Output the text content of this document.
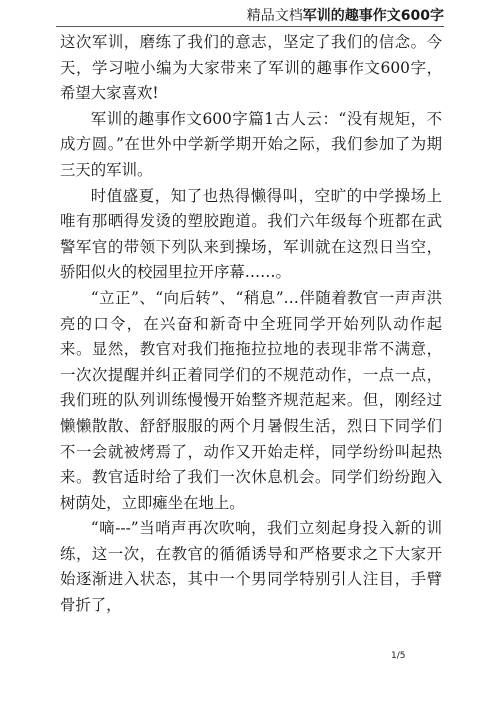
精品文档军训的趣事作文600字

这次军训，磨练了我们的意志，坚定了我们的信念。今天，学习啦小编为大家带来了军训的趣事作文600字，希望大家喜欢!

军训的趣事作文600字篇1古人云：“没有规矩，不成方圆。”在世外中学新学期开始之际，我们参加了为期三天的军训。

时值盛夏，知了也热得懒得叫，空旷的中学操场上唯有那晒得发烫的塑胶跑道。我们六年级每个班都在武警军官的带领下列队来到操场，军训就在这烈日当空，骄阳似火的校园里拉开序幕……。

“立正”、“向后转”、“稍息”…伴随着教官一声声洪亮的口令，在兴奋和新奇中全班同学开始列队动作起来。显然，教官对我们拖拖拉拉地的表现非常不满意，一次次提醒并纠正着同学们的不规范动作，一点一点，我们班的队列训练慢慢开始整齐规范起来。但，刚经过懒懒散散、舒舒服服的两个月暑假生活，烈日下同学们不一会就被烤焉了，动作又开始走样，同学纷纷叫起热来。教官适时给了我们一次休息机会。同学们纷纷跑入树荫处，立即瘫坐在地上。

“嘀---”当哨声再次吹响，我们立刻起身投入新的训练，这一次，在教官的循循诱导和严格要求之下大家开始逐渐进入状态，其中一个男同学特别引人注目，手臂骨折了，

1/5
